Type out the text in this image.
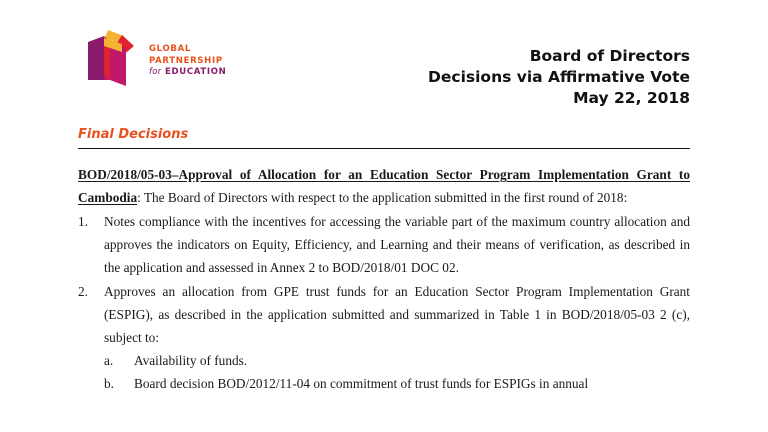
GLOBAL
PARTNERSHIP
for EDUCATION
Board of Directors
Decisions via Affirmative Vote
May 22, 2018
Final Decisions

BOD/2018/05-03–Approval of Allocation for an Education Sector Program Implementation Grant to Cambodia: The Board of Directors with respect to the application submitted in the first round of 2018:

1.	Notes compliance with the incentives for accessing the variable part of the maximum country allocation and approves the indicators on Equity, Efficiency, and Learning and their means of verification, as described in the application and assessed in Annex 2 to BOD/2018/01 DOC 02.
2.	Approves an allocation from GPE trust funds for an Education Sector Program Implementation Grant (ESPIG), as described in the application submitted and summarized in Table 1 in BOD/2018/05-03 2 (c), subject to:
a.	Availability of funds.
b.	Board decision BOD/2012/11-04 on commitment of trust funds for ESPIGs in annual
